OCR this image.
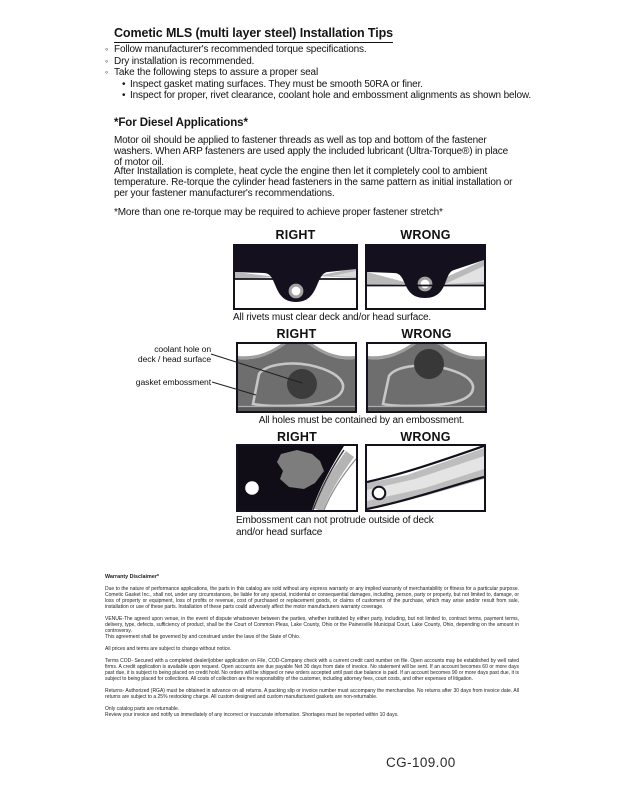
Cometic MLS (multi layer steel) Installation Tips
◦ Follow manufacturer's recommended torque specifications.
◦ Dry installation is recommended.
◦ Take the following steps to assure a proper seal
• Inspect gasket mating surfaces. They must be smooth 50RA or finer.
• Inspect for proper, rivet clearance, coolant hole and embossment alignments as shown below.
*For Diesel Applications*
Motor oil should be applied to fastener threads as well as top and bottom of the fastener washers. When ARP fasteners are used apply the included lubricant (Ultra-Torque®) in place of motor oil.
After Installation is complete, heat cycle the engine then let it completely cool to ambient temperature. Re-torque the cylinder head fasteners in the same pattern as initial installation or per your fastener manufacturer's recommendations.
*More than one re-torque may be required to achieve proper fastener stretch*
RIGHT	WRONG
All rivets must clear deck and/or head surface.
RIGHT	WRONG
coolant hole on
deck / head surface
gasket embossment
All holes must be contained by an embossment.
RIGHT	WRONG
Embossment can not protrude outside of deck
and/or head surface

Warranty Disclaimer*

Due to the nature of performance applications, the parts in this catalog are sold without any express warranty or any implied warranty of merchantability or fitness for a particular purpose. Cometic Gasket Inc., shall not, under any circumstances, be liable for any special, incidental or consequential damages, including, person, party or property, but not limited to, damage, or loss of property or equipment, loss of profits or revenue, cost of purchased or replacement goods, or claims of customers of the purchase, which may arise and/or result from sale, installation or use of these parts. Installation of these parts could adversely affect the motor manufacturers warranty coverage.

VENUE-The agreed upon venue, in the event of dispute whatsoever between the parties, whether instituted by either party, including, but not limited to, contract terms, payment terms, delivery, type, defects, sufficiency of product, shall be the Court of Common Pleas, Lake County, Ohio or the Painesville Municipal Court, Lake County, Ohio, depending on the amount in controversy.
This agreement shall be governed by and construed under the laws of the State of Ohio.

All prices and terms are subject to change without notice.

Terms COD- Secured with a completed dealer/jobber application on File, COD-Company check with a current credit card number on file. Open accounts may be established by well rated firms. A credit application is available upon request. Open accounts are due payable Net 30 days from date of invoice. No statement will be sent. If an account becomes 60 or more days past due, it is subject to being placed on credit hold. No orders will be shipped or new orders accepted until past due balance is paid. If an account becomes 90 or more days past due, it is subject to being placed for collections. All costs of collection are the responsibility of the customer, including attorney fees, court costs, and other expenses of litigation.

Returns- Authorized (RGA) must be obtained in advance on all returns. A packing slip or invoice number must accompany the merchandise. No returns after 30 days from invoice date. All returns are subject to a 25% restocking charge. All custom designed and custom manufactured gaskets are non-returnable.

Only catalog parts are returnable.
Review your invoice and notify us immediately of any incorrect or inaccurate information. Shortages must be reported within 10 days.

CG-109.00
